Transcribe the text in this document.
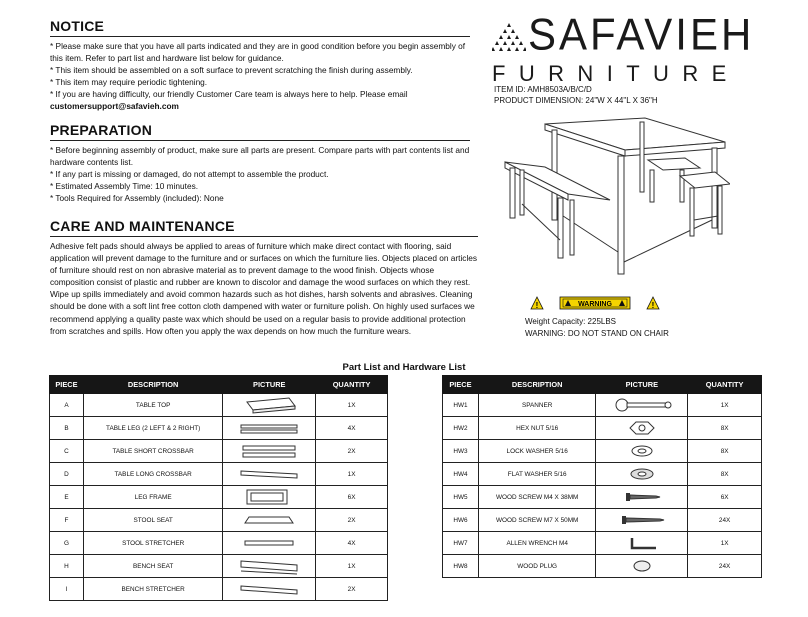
NOTICE

* Please make sure that you have all parts indicated and they are in good condition before you begin assembly of this item. Refer to part list and hardware list below for guidance.

* This item should be assembled on a soft surface to prevent scratching the finish during assembly.

* This item may require periodic tightening.

* If you are having difficulty, our friendly Customer Care team is always here to help. Please email

customersupport@safavieh.com

PREPARATION

* Before beginning assembly of product, make sure all parts are present. Compare parts with part contents list and hardware contents list.

* If any part is missing or damaged, do not attempt to assemble the product.

* Estimated Assembly Time: 10 minutes.

* Tools Required for Assembly (included): None

CARE AND MAINTENANCE

Adhesive felt pads should always be applied to areas of furniture which make direct contact with flooring, said application will prevent damage to the furniture and or surfaces on which the furniture lies. Objects placed on articles of furniture should rest on non abrasive material as to prevent damage to the wood finish. Objects whose composition consist of plastic and rubber are known to discolor and damage the wood surfaces on which they rest. Wipe up spills immediately and avoid common hazards such as hot dishes, harsh solvents and abrasives. Cleaning should be done with a soft lint free cotton cloth dampened with water or furniture polish. On highly used surfaces we recommend applying a quality paste wax which should be used on a regular basis to provide additional protection from scratches and spills. How often you apply the wax depends on how much the furniture wears.

SAFAVIEH
FURNITURE
ITEM ID: AMH8503A/B/C/D
PRODUCT DIMENSION: 24"W X 44"L X 36"H
!	WARNING	!
Weight Capacity: 225LBS
WARNING: DO NOT STAND ON CHAIR
Part List and Hardware List
PIECE	DESCRIPTION	PICTURE	QUANTITY
A	TABLE TOP		1X
B	TABLE LEG (2 LEFT & 2 RIGHT)		4X
C	TABLE SHORT CROSSBAR		2X
D	TABLE LONG CROSSBAR		1X
E	LEG FRAME		6X
F	STOOL SEAT		2X
G	STOOL STRETCHER		4X
H	BENCH SEAT		1X
I	BENCH STRETCHER		2X
PIECE	DESCRIPTION	PICTURE	QUANTITY
HW1	SPANNER		1X
HW2	HEX NUT 5/16		8X
HW3	LOCK WASHER 5/16		8X
HW4	FLAT WASHER 5/16		8X
HW5	WOOD SCREW M4 X 38MM		6X
HW6	WOOD SCREW M7 X 50MM		24X
HW7	ALLEN WRENCH M4		1X
HW8	WOOD PLUG		24X
